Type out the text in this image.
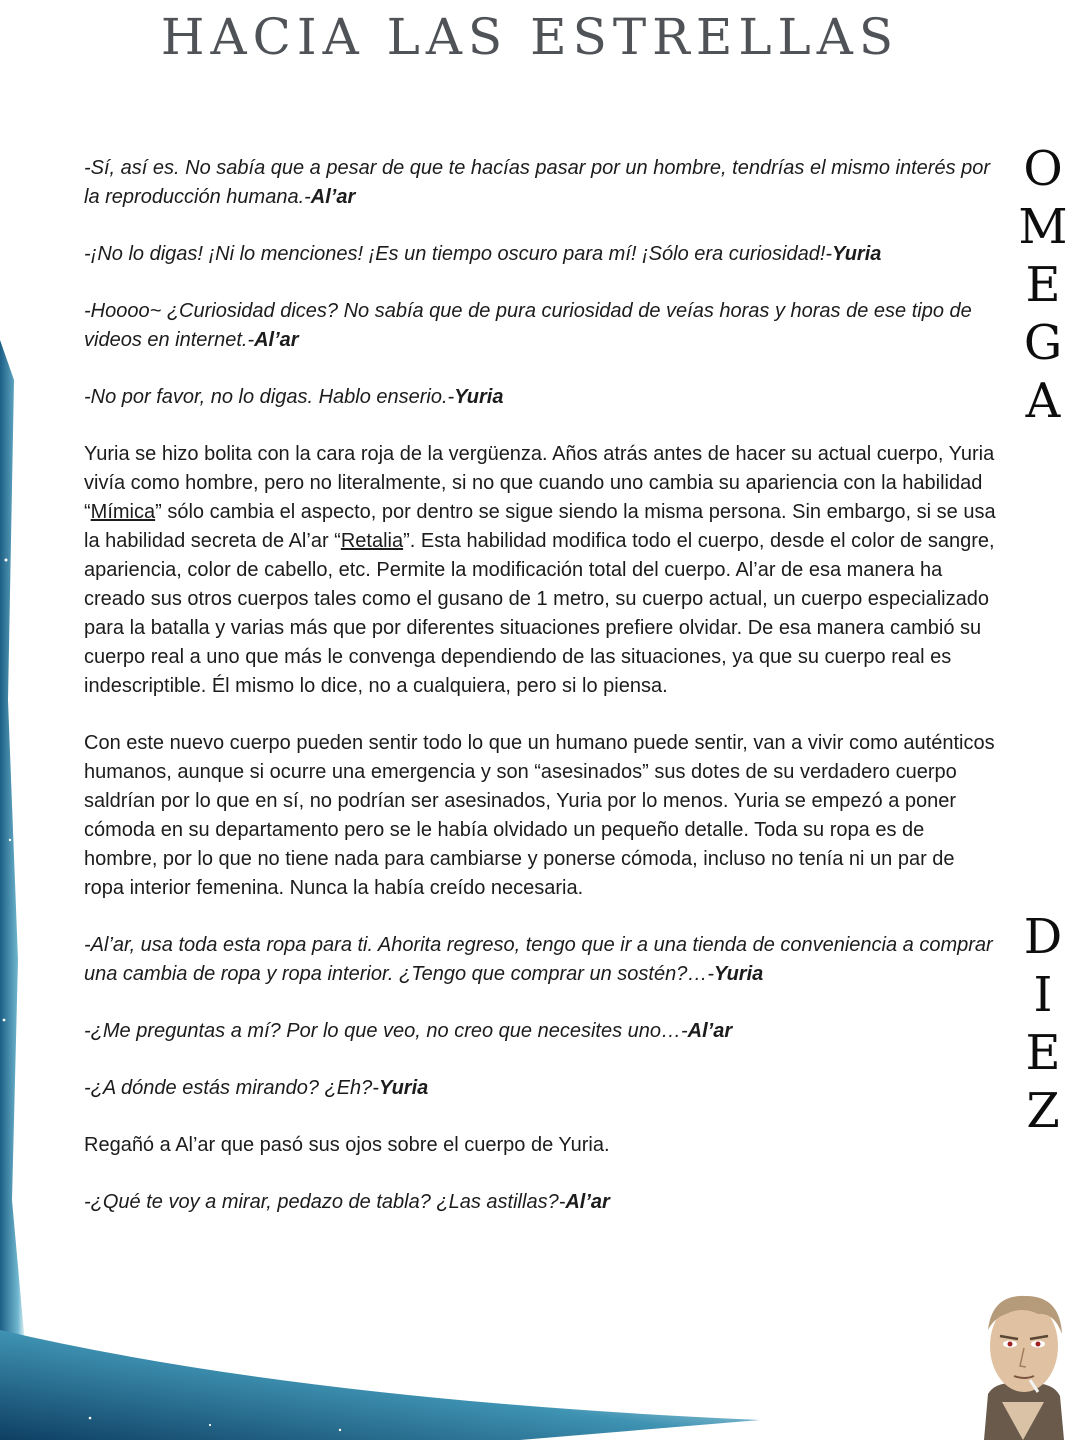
HACIA LAS ESTRELLAS
O
M
E
G
A
D
I
E
Z

-Sí, así es. No sabía que a pesar de que te hacías pasar por un hombre, tendrías el mismo interés por la reproducción humana.-Al’ar

-¡No lo digas! ¡Ni lo menciones! ¡Es un tiempo oscuro para mí! ¡Sólo era curiosidad!-Yuria

-Hoooo~ ¿Curiosidad dices? No sabía que de pura curiosidad de veías horas y horas de ese tipo de videos en internet.-Al’ar

-No por favor, no lo digas. Hablo enserio.-Yuria

Yuria se hizo bolita con la cara roja de la vergüenza. Años atrás antes de hacer su actual cuerpo, Yuria vivía como hombre, pero no literalmente, si no que cuando uno cambia su apariencia con la habilidad “Mímica” sólo cambia el aspecto, por dentro se sigue siendo la misma persona. Sin embargo, si se usa la habilidad secreta de Al’ar “Retalia”. Esta habilidad modifica todo el cuerpo, desde el color de sangre, apariencia, color de cabello, etc. Permite la modificación total del cuerpo. Al’ar de esa manera ha creado sus otros cuerpos tales como el gusano de 1 metro, su cuerpo actual, un cuerpo especializado para la batalla y varias más que por diferentes situaciones prefiere olvidar. De esa manera cambió su cuerpo real a uno que más le convenga dependiendo de las situaciones, ya que su cuerpo real es indescriptible. Él mismo lo dice, no a cualquiera, pero si lo piensa.

Con este nuevo cuerpo pueden sentir todo lo que un humano puede sentir, van a vivir como auténticos humanos, aunque si ocurre una emergencia y son “asesinados” sus dotes de su verdadero cuerpo saldrían por lo que en sí, no podrían ser asesinados, Yuria por lo menos. Yuria se empezó a poner cómoda en su departamento pero se le había olvidado un pequeño detalle. Toda su ropa es de hombre, por lo que no tiene nada para cambiarse y ponerse cómoda, incluso no tenía ni un par de ropa interior femenina. Nunca la había creído necesaria.

-Al’ar, usa toda esta ropa para ti. Ahorita regreso, tengo que ir a una tienda de conveniencia a comprar una cambia de ropa y ropa interior. ¿Tengo que comprar un sostén?…-Yuria

-¿Me preguntas a mí? Por lo que veo, no creo que necesites uno…-Al’ar

-¿A dónde estás mirando? ¿Eh?-Yuria

Regañó a Al’ar que pasó sus ojos sobre el cuerpo de Yuria.

-¿Qué te voy a mirar, pedazo de tabla? ¿Las astillas?-Al’ar
